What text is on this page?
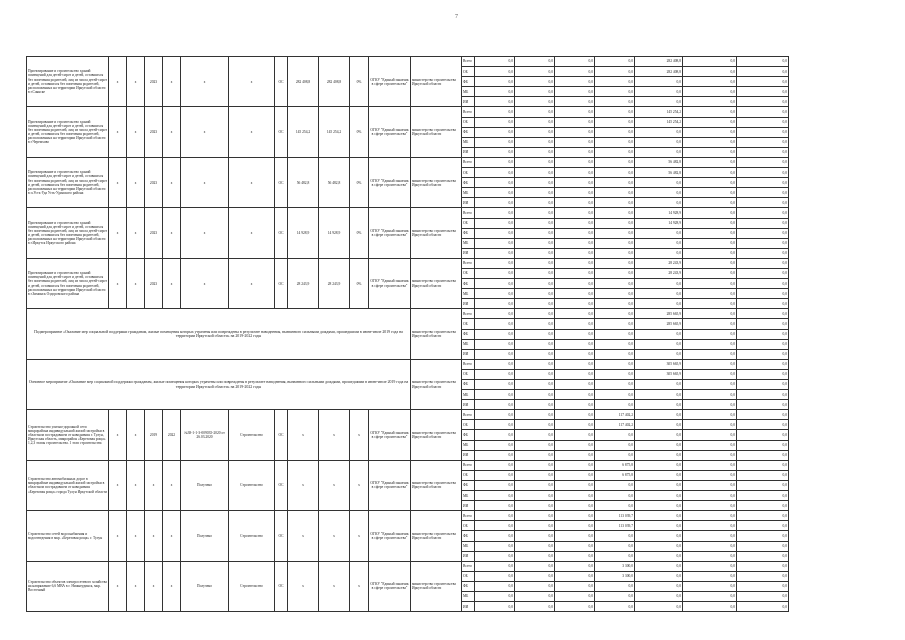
7
Проектирование и строительство зданий помещений для детей-сирот и детей, оставшихся без попечения родителей, лиц из числа детей-сирот и детей, оставшихся без попечения родителей, расположенных на территории Иркутской области в г.Саянске	x	x	2023	x	x	x	ОС	282 408,8	282 408,8	0%	ОГКУ "Единый заказчик в сфере строительства"	министерство строительства Иркутской области	Всего	0,0	0,0	0,0	0,0	282 408,8	0,0	0,0
													ОБ	0,0	0,0	0,0	0,0	282 408,8	0,0	0,0
													ФБ	0,0	0,0	0,0	0,0	0,0	0,0	0,0
													МБ	0,0	0,0	0,0	0,0	0,0	0,0	0,0
													ИИ	0,0	0,0	0,0	0,0	0,0	0,0	0,0
Проектирование и строительство зданий помещений для детей-сирот и детей, оставшихся без попечения родителей, лиц из числа детей-сирот и детей, оставшихся без попечения родителей, расположенных на территории Иркутской области в г.Черемхово	x	x	2023	x	x	x	ОС	145 254,2	145 254,2	0%	ОГКУ "Единый заказчик в сфере строительства"	министерство строительства Иркутской области	Всего	0,0	0,0	0,0	0,0	145 254,2	0,0	0,0
													ОБ	0,0	0,0	0,0	0,0	145 254,2	0,0	0,0
													ФБ	0,0	0,0	0,0	0,0	0,0	0,0	0,0
													МБ	0,0	0,0	0,0	0,0	0,0	0,0	0,0
													ИИ	0,0	0,0	0,0	0,0	0,0	0,0	0,0
Проектирование и строительство зданий помещений для детей-сирот и детей, оставшихся без попечения родителей, лиц из числа детей-сирот и детей, оставшихся без попечения родителей, расположенных на территории Иркутской области в п.Усть-Уда Усть-Удинского района	x	x	2023	x	x	x	ОС	56 482,8	56 482,8	0%	ОГКУ "Единый заказчик в сфере строительства"	министерство строительства Иркутской области	Всего	0,0	0,0	0,0	0,0	56 482,8	0,0	0,0
													ОБ	0,0	0,0	0,0	0,0	56 482,8	0,0	0,0
													ФБ	0,0	0,0	0,0	0,0	0,0	0,0	0,0
													МБ	0,0	0,0	0,0	0,0	0,0	0,0	0,0
													ИИ	0,0	0,0	0,0	0,0	0,0	0,0	0,0
Проектирование и строительство зданий помещений для детей-сирот и детей, оставшихся без попечения родителей, лиц из числа детей-сирот и детей, оставшихся без попечения родителей, расположенных на территории Иркутской области в г.Иркутск Иркутского района	x	x	2023	x	x	x	ОС	14 928,9	14 928,9	0%	ОГКУ "Единый заказчик в сфере строительства"	министерство строительства Иркутской области	Всего	0,0	0,0	0,0	0,0	14 928,9	0,0	0,0
													ОБ	0,0	0,0	0,0	0,0	14 928,9	0,0	0,0
													ФБ	0,0	0,0	0,0	0,0	0,0	0,0	0,0
													МБ	0,0	0,0	0,0	0,0	0,0	0,0	0,0
													ИИ	0,0	0,0	0,0	0,0	0,0	0,0	0,0
Проектирование и строительство зданий помещений для детей-сирот и детей, оставшихся без попечения родителей, лиц из числа детей-сирот и детей, оставшихся без попечения родителей, расположенных на территории Иркутской области в г.Зиминск Оздоровского района	x	x	2023	x	x	x	ОС	28 243,9	28 243,9	0%	ОГКУ "Единый заказчик в сфере строительства"	министерство строительства Иркутской области	Всего	0,0	0,0	0,0	0,0	28 243,9	0,0	0,0
													ОБ	0,0	0,0	0,0	0,0	28 243,9	0,0	0,0
													ФБ	0,0	0,0	0,0	0,0	0,0	0,0	0,0
													МБ	0,0	0,0	0,0	0,0	0,0	0,0	0,0
													ИИ	0,0	0,0	0,0	0,0	0,0	0,0	0,0
Подмероприятие «Оказание мер социальной поддержки гражданам, жилые помещения которых утрачены или повреждены в результате наводнения, вызванного сильными дождями, прошедшими в июне-июле 2019 года на территории Иркутской области» на 2019-2022 годы												министерство строительства Иркутской области	Всего	0,0	0,0	0,0	0,0	285 665,9	0,0	0,0
													ОБ	0,0	0,0	0,0	0,0	285 665,9	0,0	0,0
													ФБ	0,0	0,0	0,0	0,0	0,0	0,0	0,0
													МБ	0,0	0,0	0,0	0,0	0,0	0,0	0,0
													ИИ	0,0	0,0	0,0	0,0	0,0	0,0	0,0
Основное мероприятие «Оказание мер социальной поддержки гражданам, жилые помещения которых утрачены или повреждены в результате наводнения, вызванного сильными дождями, прошедшими в июне-июле 2019 года на территории Иркутской области» на 2019-2022 годы												министерство строительства Иркутской области	Всего	0,0	0,0	0,0	0,0	305 665,9	0,0	0,0
													ОБ	0,0	0,0	0,0	0,0	305 665,9	0,0	0,0
													ФБ	0,0	0,0	0,0	0,0	0,0	0,0	0,0
													МБ	0,0	0,0	0,0	0,0	0,0	0,0	0,0
													ИИ	0,0	0,0	0,0	0,0	0,0	0,0	0,0
Строительство улично-дорожной сети микрорайона индивидуальной жилой застройки в областном пострадавшем от наводнения г. Тулун, Иркутская область, микрорайон «Березовая роща» 1,2,3 этапы строительства. 1 этап строительства	x	x	2019	2022	№38-1-1-3-009035-2020 от 26.03.2020	Строительство	ОС	x	x	x	ОГКУ "Единый заказчик в сфере строительства"	министерство строительства Иркутской области	Всего	0,0	0,0	0,0	117 402,2	0,0	0,0	0,0
													ОБ	0,0	0,0	0,0	117 402,2	0,0	0,0	0,0
													ФБ	0,0	0,0	0,0	0,0	0,0	0,0	0,0
													МБ	0,0	0,0	0,0	0,0	0,0	0,0	0,0
													ИИ	0,0	0,0	0,0	0,0	0,0	0,0	0,0
Строительство автомобильных дорог в микрорайоне индивидуальной жилой застройки в областном пострадавшем от наводнения «Березовая роща» города Тулун Иркутской области	x	x	x	x	Получено	Строительство	ОС	x	x	x	ОГКУ "Единый заказчик в сфере строительства"	министерство строительства Иркутской области	Всего	0,0	0,0	0,0	6 875,8	0,0	0,0	0,0
													ОБ	0,0	0,0	0,0	6 875,8	0,0	0,0	0,0
													ФБ	0,0	0,0	0,0	0,0	0,0	0,0	0,0
													МБ	0,0	0,0	0,0	0,0	0,0	0,0	0,0
													ИИ	0,0	0,0	0,0	0,0	0,0	0,0	0,0
Строительство сетей водоснабжения и водоотведения в мкр. «Березовая роща» г. Тулун	x	x	x	x	Получено	Строительство	ОС	x	x	x	ОГКУ "Единый заказчик в сфере строительства"	министерство строительства Иркутской области	Всего	0,0	0,0	0,0	113 039,7	0,0	0,0	0,0
													ОБ	0,0	0,0	0,0	113 039,7	0,0	0,0	0,0
													ФБ	0,0	0,0	0,0	0,0	0,0	0,0	0,0
													МБ	0,0	0,0	0,0	0,0	0,0	0,0	0,0
													ИИ	0,0	0,0	0,0	0,0	0,0	0,0	0,0
Строительство объектов электросетевого хозяйства на напряжение 6,6 МВА в г. Нижнеудинск, мкр. Восточный	x	x	x	x	Получено	Строительство	ОС	x	x	x	ОГКУ "Единый заказчик в сфере строительства"	министерство строительства Иркутской области	Всего	0,0	0,0	0,0	3 300,0	0,0	0,0	0,0
													ОБ	0,0	0,0	0,0	3 300,0	0,0	0,0	0,0
													ФБ	0,0	0,0	0,0	0,0	0,0	0,0	0,0
													МБ	0,0	0,0	0,0	0,0	0,0	0,0	0,0
													ИИ	0,0	0,0	0,0	0,0	0,0	0,0	0,0
